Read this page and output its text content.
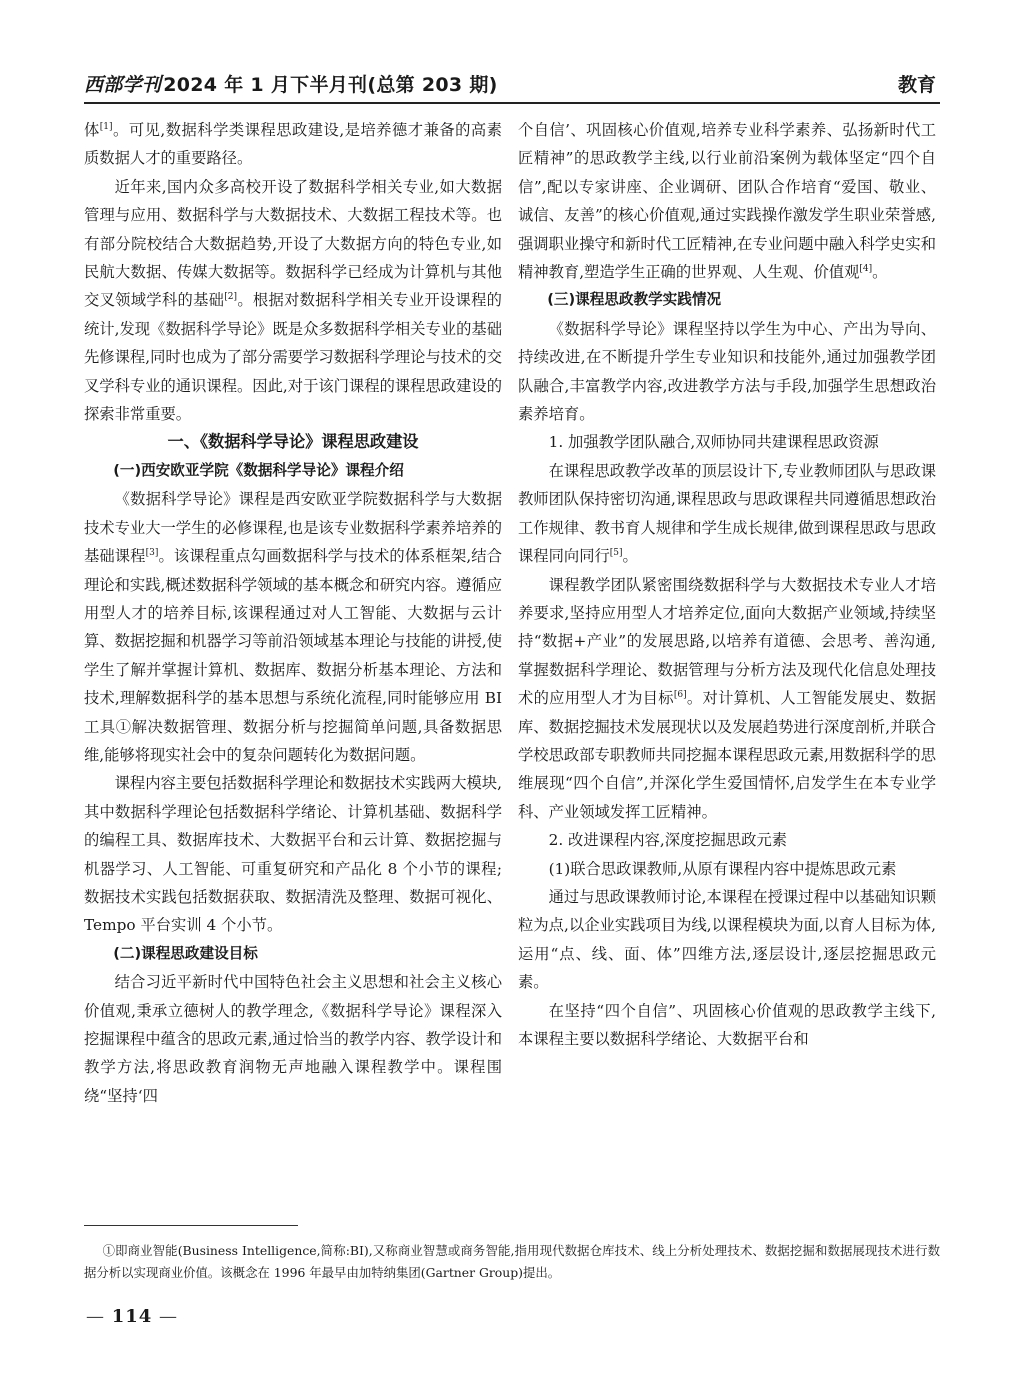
西部学刊 2024 年 1 月下半月刊(总第 203 期)	教育

体[1]。可见,数据科学类课程思政建设,是培养德才兼备的高素质数据人才的重要路径。

近年来,国内众多高校开设了数据科学相关专业,如大数据管理与应用、数据科学与大数据技术、大数据工程技术等。也有部分院校结合大数据趋势,开设了大数据方向的特色专业,如民航大数据、传媒大数据等。数据科学已经成为计算机与其他交叉领域学科的基础[2]。根据对数据科学相关专业开设课程的统计,发现《数据科学导论》既是众多数据科学相关专业的基础先修课程,同时也成为了部分需要学习数据科学理论与技术的交叉学科专业的通识课程。因此,对于该门课程的课程思政建设的探索非常重要。

一、《数据科学导论》课程思政建设
(一)西安欧亚学院《数据科学导论》课程介绍

《数据科学导论》课程是西安欧亚学院数据科学与大数据技术专业大一学生的必修课程,也是该专业数据科学素养培养的基础课程[3]。该课程重点勾画数据科学与技术的体系框架,结合理论和实践,概述数据科学领域的基本概念和研究内容。遵循应用型人才的培养目标,该课程通过对人工智能、大数据与云计算、数据挖掘和机器学习等前沿领域基本理论与技能的讲授,使学生了解并掌握计算机、数据库、数据分析基本理论、方法和技术,理解数据科学的基本思想与系统化流程,同时能够应用 BI 工具①解决数据管理、数据分析与挖掘简单问题,具备数据思维,能够将现实社会中的复杂问题转化为数据问题。

课程内容主要包括数据科学理论和数据技术实践两大模块,其中数据科学理论包括数据科学绪论、计算机基础、数据科学的编程工具、数据库技术、大数据平台和云计算、数据挖掘与机器学习、人工智能、可重复研究和产品化 8 个小节的课程;数据技术实践包括数据获取、数据清洗及整理、数据可视化、Tempo 平台实训 4 个小节。

(二)课程思政建设目标

结合习近平新时代中国特色社会主义思想和社会主义核心价值观,秉承立德树人的教学理念,《数据科学导论》课程深入挖掘课程中蕴含的思政元素,通过恰当的教学内容、教学设计和教学方法,将思政教育润物无声地融入课程教学中。课程围绕“坚持‘四

个自信’、巩固核心价值观,培养专业科学素养、弘扬新时代工匠精神”的思政教学主线,以行业前沿案例为载体坚定“四个自信”,配以专家讲座、企业调研、团队合作培育“爱国、敬业、诚信、友善”的核心价值观,通过实践操作激发学生职业荣誉感,强调职业操守和新时代工匠精神,在专业问题中融入科学史实和精神教育,塑造学生正确的世界观、人生观、价值观[4]。

(三)课程思政教学实践情况

《数据科学导论》课程坚持以学生为中心、产出为导向、持续改进,在不断提升学生专业知识和技能外,通过加强教学团队融合,丰富教学内容,改进教学方法与手段,加强学生思想政治素养培育。

1. 加强教学团队融合,双师协同共建课程思政资源

在课程思政教学改革的顶层设计下,专业教师团队与思政课教师团队保持密切沟通,课程思政与思政课程共同遵循思想政治工作规律、教书育人规律和学生成长规律,做到课程思政与思政课程同向同行[5]。

课程教学团队紧密围绕数据科学与大数据技术专业人才培养要求,坚持应用型人才培养定位,面向大数据产业领域,持续坚持“数据+产业”的发展思路,以培养有道德、会思考、善沟通,掌握数据科学理论、数据管理与分析方法及现代化信息处理技术的应用型人才为目标[6]。对计算机、人工智能发展史、数据库、数据挖掘技术发展现状以及发展趋势进行深度剖析,并联合学校思政部专职教师共同挖掘本课程思政元素,用数据科学的思维展现“四个自信”,并深化学生爱国情怀,启发学生在本专业学科、产业领域发挥工匠精神。

2. 改进课程内容,深度挖掘思政元素

(1)联合思政课教师,从原有课程内容中提炼思政元素

通过与思政课教师讨论,本课程在授课过程中以基础知识颗粒为点,以企业实践项目为线,以课程模块为面,以育人目标为体,运用“点、线、面、体”四维方法,逐层设计,逐层挖掘思政元素。

在坚持“四个自信”、巩固核心价值观的思政教学主线下,本课程主要以数据科学绪论、大数据平台和

①即商业智能(Business Intelligence,简称:BI),又称商业智慧或商务智能,指用现代数据仓库技术、线上分析处理技术、数据挖掘和数据展现技术进行数据分析以实现商业价值。该概念在 1996 年最早由加特纳集团(Gartner Group)提出。
— 114 —
